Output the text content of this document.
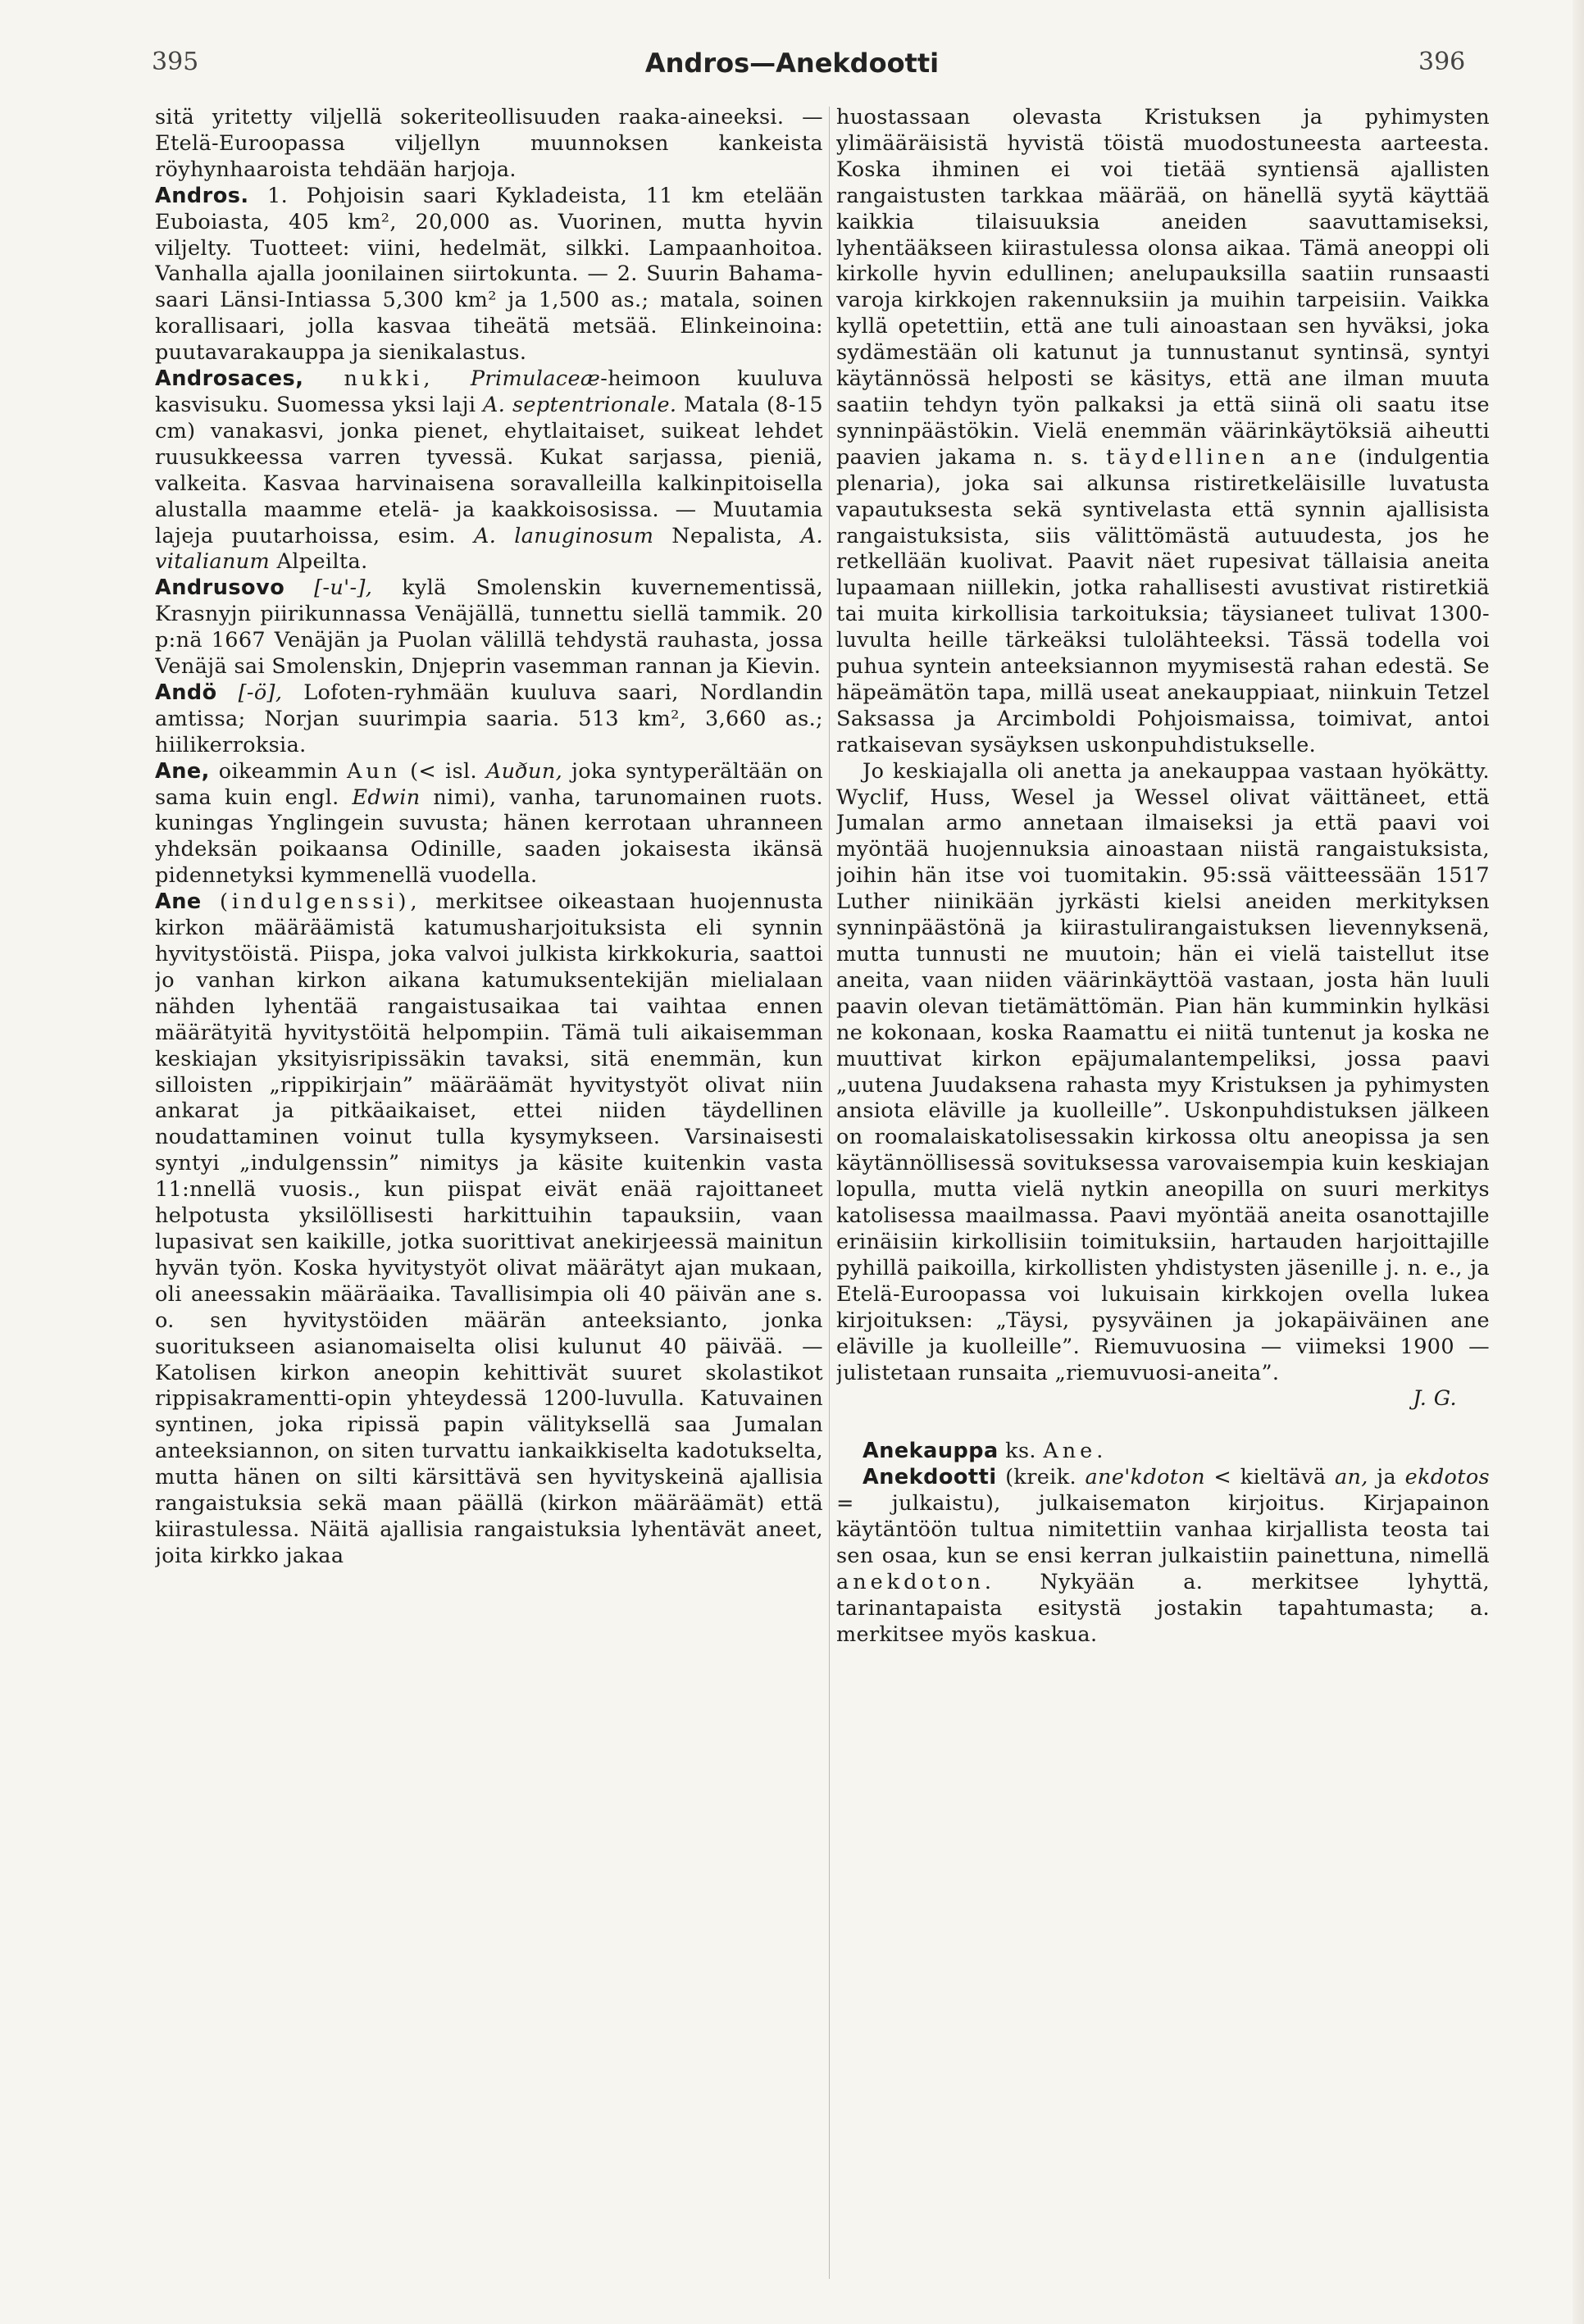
395	Andros—Anekdootti	396

sitä yritetty viljellä sokeriteollisuuden raaka-aineeksi. — Etelä-Euroopassa viljellyn muunnoksen kankeista röyhynhaaroista tehdään harjoja.

Andros. 1. Pohjoisin saari Kykladeista, 11 km etelään Euboiasta, 405 km², 20,000 as. Vuorinen, mutta hyvin viljelty. Tuotteet: viini, hedelmät, silkki. Lampaanhoitoa. Vanhalla ajalla joonilainen siirtokunta. — 2. Suurin Bahama-saari Länsi-Intiassa 5,300 km² ja 1,500 as.; matala, soinen korallisaari, jolla kasvaa tiheätä metsää. Elinkeinoina: puutavarakauppa ja sienikalastus.

Androsaces, nukki, Primulaceæ-heimoon kuuluva kasvisuku. Suomessa yksi laji A. septentrionale. Matala (8-15 cm) vanakasvi, jonka pienet, ehytlaitaiset, suikeat lehdet ruusukkeessa varren tyvessä. Kukat sarjassa, pieniä, valkeita. Kasvaa harvinaisena soravalleilla kalkinpitoisella alustalla maamme etelä- ja kaakkoisosissa. — Muutamia lajeja puutarhoissa, esim. A. lanuginosum Nepalista, A. vitalianum Alpeilta.

Andrusovo [-u'-], kylä Smolenskin kuvernementissä, Krasnyjn piirikunnassa Venäjällä, tunnettu siellä tammik. 20 p:nä 1667 Venäjän ja Puolan välillä tehdystä rauhasta, jossa Venäjä sai Smolenskin, Dnjeprin vasemman rannan ja Kievin.

Andö [-ö], Lofoten-ryhmään kuuluva saari, Nordlandin amtissa; Norjan suurimpia saaria. 513 km², 3,660 as.; hiilikerroksia.

Ane, oikeammin Aun (< isl. Auðun, joka syntyperältään on sama kuin engl. Edwin nimi), vanha, tarunomainen ruots. kuningas Ynglingein suvusta; hänen kerrotaan uhranneen yhdeksän poikaansa Odinille, saaden jokaisesta ikänsä pidennetyksi kymmenellä vuodella.

Ane (indulgenssi), merkitsee oikeastaan huojennusta kirkon määräämistä katumusharjoituksista eli synnin hyvitystöistä. Piispa, joka valvoi julkista kirkkokuria, saattoi jo vanhan kirkon aikana katumuksentekijän mielialaan nähden lyhentää rangaistusaikaa tai vaihtaa ennen määrätyitä hyvitystöitä helpompiin. Tämä tuli aikaisemman keskiajan yksityisripissäkin tavaksi, sitä enemmän, kun silloisten „rippikirjain” määräämät hyvitystyöt olivat niin ankarat ja pitkäaikaiset, ettei niiden täydellinen noudattaminen voinut tulla kysymykseen. Varsinaisesti syntyi „indulgenssin” nimitys ja käsite kuitenkin vasta 11:nnellä vuosis., kun piispat eivät enää rajoittaneet helpotusta yksilöllisesti harkittuihin tapauksiin, vaan lupasivat sen kaikille, jotka suorittivat anekirjeessä mainitun hyvän työn. Koska hyvitystyöt olivat määrätyt ajan mukaan, oli aneessakin määräaika. Tavallisimpia oli 40 päivän ane s. o. sen hyvitystöiden määrän anteeksianto, jonka suoritukseen asianomaiselta olisi kulunut 40 päivää. — Katolisen kirkon aneopin kehittivät suuret skolastikot rippisakramentti-opin yhteydessä 1200-luvulla. Katuvainen syntinen, joka ripissä papin välityksellä saa Jumalan anteeksiannon, on siten turvattu iankaikkiselta kadotukselta, mutta hänen on silti kärsittävä sen hyvityskeinä ajallisia rangaistuksia sekä maan päällä (kirkon määräämät) että kiirastulessa. Näitä ajallisia rangaistuksia lyhentävät aneet, joita kirkko jakaa

huostassaan olevasta Kristuksen ja pyhimysten ylimääräisistä hyvistä töistä muodostuneesta aarteesta. Koska ihminen ei voi tietää syntiensä ajallisten rangaistusten tarkkaa määrää, on hänellä syytä käyttää kaikkia tilaisuuksia aneiden saavuttamiseksi, lyhentääkseen kiirastulessa olonsa aikaa. Tämä aneoppi oli kirkolle hyvin edullinen; anelupauksilla saatiin runsaasti varoja kirkkojen rakennuksiin ja muihin tarpeisiin. Vaikka kyllä opetettiin, että ane tuli ainoastaan sen hyväksi, joka sydämestään oli katunut ja tunnustanut syntinsä, syntyi käytännössä helposti se käsitys, että ane ilman muuta saatiin tehdyn työn palkaksi ja että siinä oli saatu itse synninpäästökin. Vielä enemmän väärinkäytöksiä aiheutti paavien jakama n. s. täydellinen ane (indulgentia plenaria), joka sai alkunsa ristiretkeläisille luvatusta vapautuksesta sekä syntivelasta että synnin ajallisista rangaistuksista, siis välittömästä autuudesta, jos he retkellään kuolivat. Paavit näet rupesivat tällaisia aneita lupaamaan niillekin, jotka rahallisesti avustivat ristiretkiä tai muita kirkollisia tarkoituksia; täysianeet tulivat 1300-luvulta heille tärkeäksi tulolähteeksi. Tässä todella voi puhua syntein anteeksiannon myymisestä rahan edestä. Se häpeämätön tapa, millä useat anekauppiaat, niinkuin Tetzel Saksassa ja Arcimboldi Pohjoismaissa, toimivat, antoi ratkaisevan sysäyksen uskonpuhdistukselle.

Jo keskiajalla oli anetta ja anekauppaa vastaan hyökätty. Wyclif, Huss, Wesel ja Wessel olivat väittäneet, että Jumalan armo annetaan ilmaiseksi ja että paavi voi myöntää huojennuksia ainoastaan niistä rangaistuksista, joihin hän itse voi tuomitakin. 95:ssä väitteessään 1517 Luther niinikään jyrkästi kielsi aneiden merkityksen synninpäästönä ja kiirastulirangaistuksen lievennyksenä, mutta tunnusti ne muutoin; hän ei vielä taistellut itse aneita, vaan niiden väärinkäyttöä vastaan, josta hän luuli paavin olevan tietämättömän. Pian hän kumminkin hylkäsi ne kokonaan, koska Raamattu ei niitä tuntenut ja koska ne muuttivat kirkon epäjumalantempeliksi, jossa paavi „uutena Juudaksena rahasta myy Kristuksen ja pyhimysten ansiota eläville ja kuolleille”. Uskonpuhdistuksen jälkeen on roomalaiskatolisessakin kirkossa oltu aneopissa ja sen käytännöllisessä sovituksessa varovaisempia kuin keskiajan lopulla, mutta vielä nytkin aneopilla on suuri merkitys katolisessa maailmassa. Paavi myöntää aneita osanottajille erinäisiin kirkollisiin toimituksiin, hartauden harjoittajille pyhillä paikoilla, kirkollisten yhdistysten jäsenille j. n. e., ja Etelä-Euroopassa voi lukuisain kirkkojen ovella lukea kirjoituksen: „Täysi, pysyväinen ja jokapäiväinen ane eläville ja kuolleille”. Riemuvuosina — viimeksi 1900 — julistetaan runsaita „riemuvuosi-aneita”.

J. G.

Anekauppa ks. Ane.

Anekdootti (kreik. ane'kdoton < kieltävä an, ja ekdotos = julkaistu), julkaisematon kirjoitus. Kirjapainon käytäntöön tultua nimitettiin vanhaa kirjallista teosta tai sen osaa, kun se ensi kerran julkaistiin painettuna, nimellä anekdoton. Nykyään a. merkitsee lyhyttä, tarinantapaista esitystä jostakin tapahtumasta; a. merkitsee myös kaskua.
